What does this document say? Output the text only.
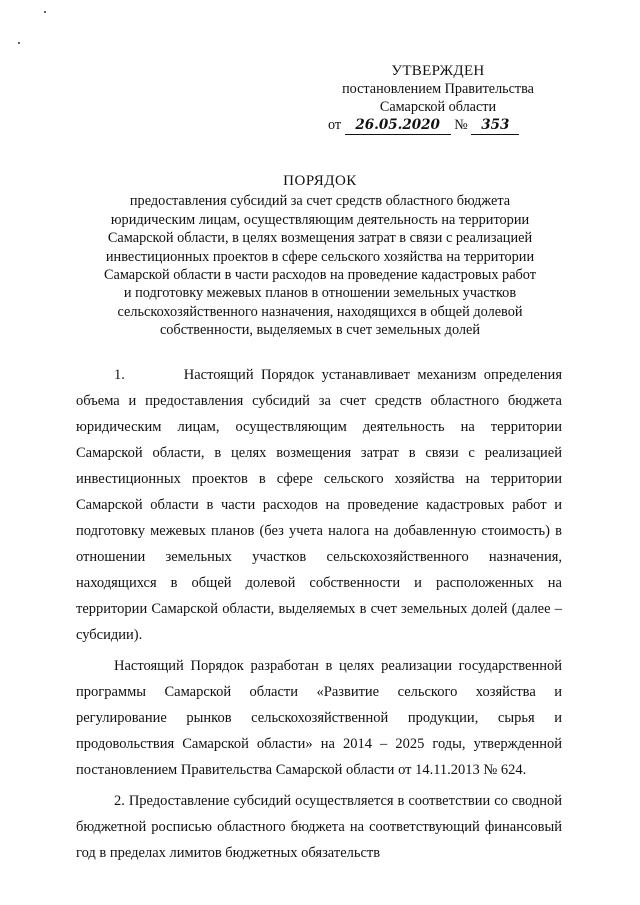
УТВЕРЖДЕН
постановлением Правительства
Самарской области
от 26.05.2020 № 353
ПОРЯДОК
предоставления субсидий за счет средств областного бюджета
юридическим лицам, осуществляющим деятельность на территории
Самарской области, в целях возмещения затрат в связи с реализацией
инвестиционных проектов в сфере сельского хозяйства на территории
Самарской области в части расходов на проведение кадастровых работ
и подготовку межевых планов в отношении земельных участков
сельскохозяйственного назначения, находящихся в общей долевой
собственности, выделяемых в счет земельных долей

1.        Настоящий Порядок устанавливает механизм определения объема и предоставления субсидий за счет средств областного бюджета юридическим лицам, осуществляющим деятельность на территории Самарской области, в целях возмещения затрат в связи с реализацией инвестиционных проектов в сфере сельского хозяйства на территории Самарской области в части расходов на проведение кадастровых работ и подготовку межевых планов (без учета налога на добавленную стоимость) в отношении земельных участков сельскохозяйственного назначения, находящихся в общей долевой собственности и расположенных на территории Самарской области, выделяемых в счет земельных долей (далее – субсидии).

Настоящий Порядок разработан в целях реализации государственной программы Самарской области «Развитие сельского хозяйства и регулирование рынков сельскохозяйственной продукции, сырья и продовольствия Самарской области» на 2014 – 2025 годы, утвержденной постановлением Правительства Самарской области от 14.11.2013 № 624.

2. Предоставление субсидий осуществляется в соответствии со сводной бюджетной росписью областного бюджета на соответствующий финансовый год в пределах лимитов бюджетных обязательств
